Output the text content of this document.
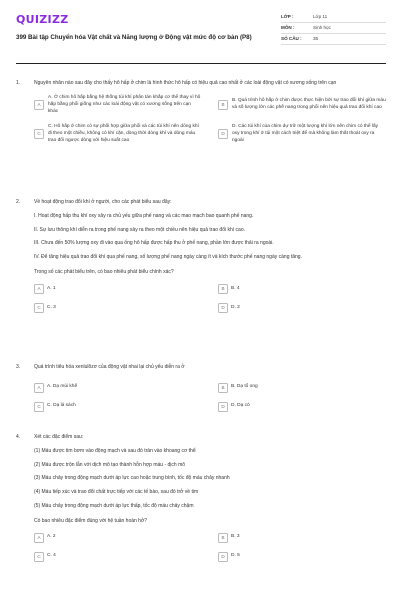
QUIZIZZ
399 Bài tập Chuyển hóa Vật chất và Năng lượng ở Động vật mức độ cơ bản (P8)
LỚP :	Lớp 11
MÔN :	Sinh học
SỐ CÂU :	35
1.	Nguyên nhân nào sau đây cho thấy hô hấp ở chim là hình thức hô hấp có hiệu quả cao nhất ở các loài động vật có xương sống trên cạn
A
A. Ở chim hô hấp bằng hệ thống túi khí phân tán khắp cơ thể thay vì hô hấp bằng phổi giống như các loài động vật có xương sống trên cạn khác
B
B. Quá trình hô hấp ở chim được thực hiện bởi sự trao đổi khí giữa máu và số lượng lớn các phế nang trong phổi nên hiệu quả trao đổi khí cao
C
C. Hô hấp ở chim có sự phối hợp giữa phổi và các túi khí nên dòng khí đi theo một chiều, không có khí cặn, dòng thời dòng khí và dòng máu trao đổi ngược dòng với hiệu suất cao
D
D. Các túi khí của chim dự trữ một lượng khí lớn nên chim có thể lấy oxy trong khí ở túi một cách triệt để mà không làm thất thoát oxy ra ngoài
2.	Về hoạt động trao đổi khí ở người, cho các phát biểu sau đây:
I. Hoạt động hấp thu khí oxy xảy ra chủ yếu giữa phế nang và các mao mạch bao quanh phế nang.
II. Sự lưu thông khí diễn ra trong phế nang xảy ra theo một chiều nên hiệu quả trao đổi khí cao.
III. Chưa đến 50% lượng oxy đi vào qua ống hô hấp được hấp thu ở phế nang, phần lớn được thải ra ngoài.
IV. Để tăng hiệu quả trao đổi khí qua phế nang, số lượng phế nang ngày càng ít và kích thước phế nang ngày càng tăng.
Trong số các phát biểu trên, có bao nhiêu phát biểu chính xác?
A	A. 1	B	B. 4
C	C. 3	D	D. 2
3.	Quá trình tiêu hóa xenlulôzơ của động vật nhai lại chủ yếu diễn ra ở
A	A. Dạ múi khế	B	B. Dạ tổ ong
C	C. Dạ lá sách	D	D. Dạ cỏ
4.	Xét các đặc điểm sau:
(1) Máu được tim bơm vào động mạch và sau đó tràn vào khoang cơ thể
(2) Máu được trộn lẫn với dịch mô tạo thành hỗn hợp máu - dịch mô
(3) Máu chảy trong động mạch dưới áp lực cao hoặc trung bình, tốc độ máu chảy nhanh
(4) Máu tiếp xúc và trao đổi chất trực tiếp với các tế bào, sau đó trở về tim
(5) Máu chảy trong động mạch dưới áp lực thấp, tốc độ máu chảy chậm
Có bao nhiêu đặc điểm đúng với hệ tuần hoàn hở?
A	A. 2	B	B. 3
C	C. 4	D	D. 5
